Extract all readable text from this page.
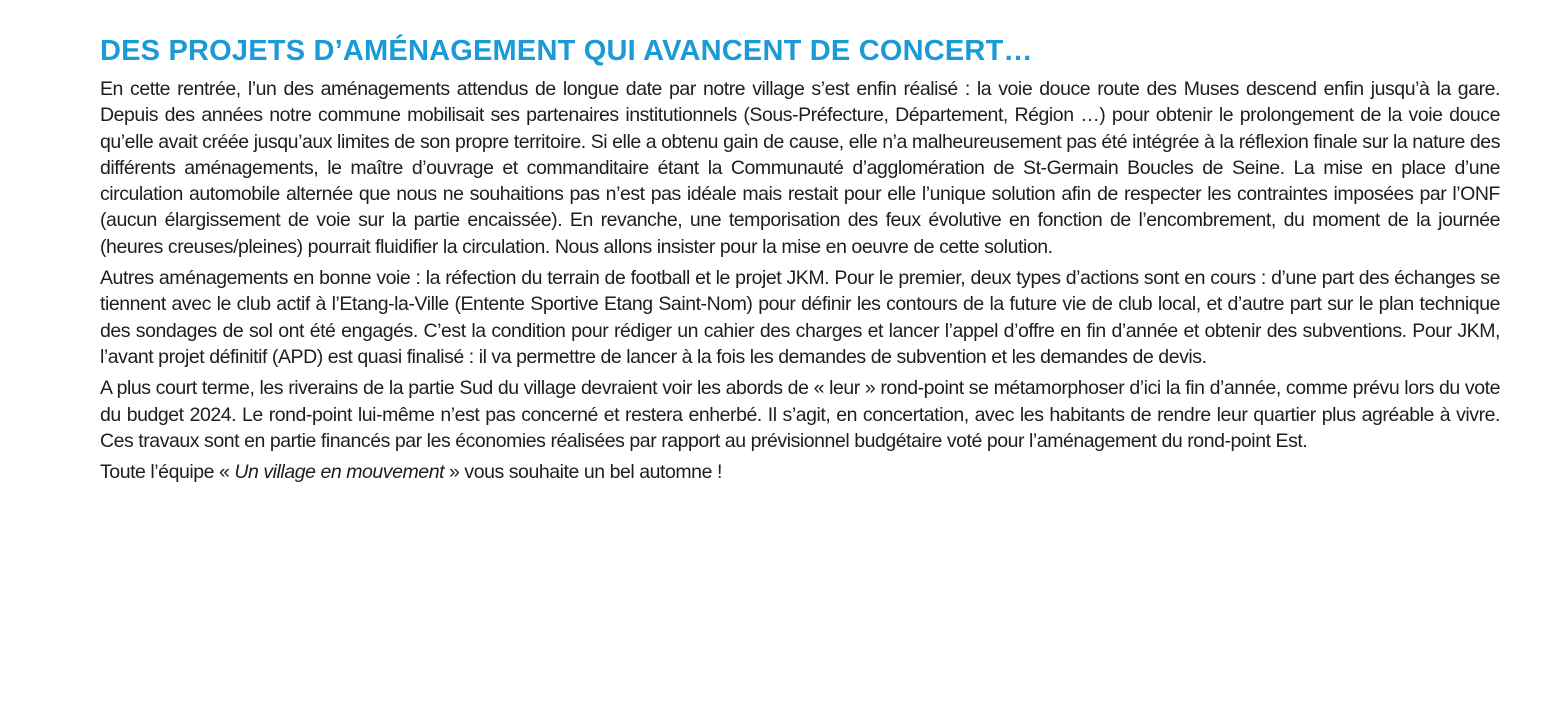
DES PROJETS D’AMÉNAGEMENT QUI AVANCENT DE CONCERT…

En cette rentrée, l’un des aménagements attendus de longue date par notre village s’est enfin réalisé : la voie douce route des Muses descend enfin jusqu’à la gare. Depuis des années notre commune mobilisait ses partenaires institutionnels (Sous-Préfecture, Département, Région …) pour obtenir le prolongement de la voie douce qu’elle avait créée jusqu’aux limites de son propre territoire. Si elle a obtenu gain de cause, elle n’a malheureusement pas été intégrée à la réflexion finale sur la nature des différents aménagements, le maître d’ouvrage et commanditaire étant la Communauté d’agglomération de St-Germain Boucles de Seine. La mise en place d’une circulation automobile alternée que nous ne souhaitions pas n’est pas idéale mais restait pour elle l’unique solution afin de respecter les contraintes imposées par l’ONF (aucun élargissement de voie sur la partie encaissée). En revanche, une temporisation des feux évolutive en fonction de l’encombrement, du moment de la journée (heures creuses/pleines) pourrait fluidifier la circulation. Nous allons insister pour la mise en oeuvre de cette solution.

Autres aménagements en bonne voie : la réfection du terrain de football et le projet JKM. Pour le premier, deux types d’actions sont en cours : d’une part des échanges se tiennent avec le club actif à l’Etang-la-Ville (Entente Sportive Etang Saint-Nom) pour définir les contours de la future vie de club local, et d’autre part sur le plan technique des sondages de sol ont été engagés. C’est la condition pour rédiger un cahier des charges et lancer l’appel d’offre en fin d’année et obtenir des subventions. Pour JKM, l’avant projet définitif (APD) est quasi finalisé : il va permettre de lancer à la fois les demandes de subvention et les demandes de devis.

A plus court terme, les riverains de la partie Sud du village devraient voir les abords de « leur » rond-point se métamorphoser d’ici la fin d’année, comme prévu lors du vote du budget 2024. Le rond-point lui-même n’est pas concerné et restera enherbé. Il s’agit, en concertation, avec les habitants de rendre leur quartier plus agréable à vivre. Ces travaux sont en partie financés par les économies réalisées par rapport au prévisionnel budgétaire voté pour l’aménagement du rond-point Est.

Toute l’équipe « Un village en mouvement » vous souhaite un bel automne !
